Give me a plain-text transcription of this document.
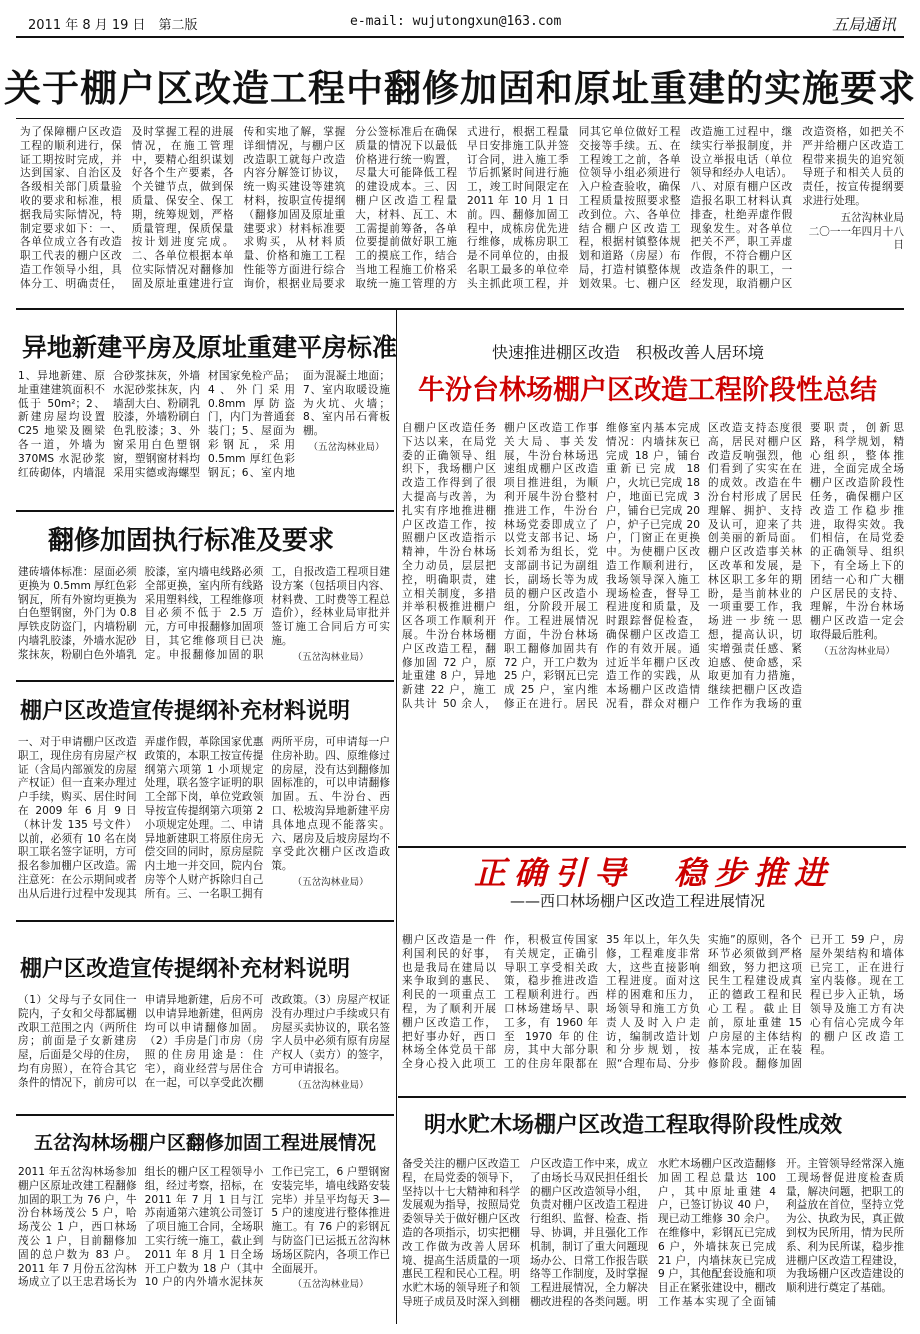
2011 年 8 月 19 日　第二版	e-mail: wujutongxun@163.com	五局通讯
关于棚户区改造工程中翻修加固和原址重建的实施要求
为了保障棚户区改造工程的顺利进行，保证工期按时完成，并达到国家、自治区及各级相关部门质量验收的要求和标准，根据我局实际情况，特制定要求如下：一、各单位成立各有改造职工代表的棚户区改造工作领导小组，具体分工、明确责任，及时掌握工程的进展情况，在施工管理中，要精心组织谋划好各个生产要素，各个关键节点，做到保质量、保安全、保工期，统筹规划，严格质量管理，保质保量按计划进度完成。二、各单位根据本单位实际情况对翻修加固及原址重建进行宣传和实地了解，掌握详细情况，与棚户区改造职工就每户改造内容分解签订协议，统一购买建设等建筑材料，按职宣传提纲（翻修加固及原址重建要求）材料标准要求购买，从材料质量、价格和施工工程性能等方面进行综合询价，根据业局要求分公签标准后在确保质量的情况下以最低价格进行统一购置，尽量大可能降低工程的建设成本。三、因棚户区改造工程量大，材料、瓦工、木工需提前筹备，各单位要提前做好职工施工的摸底工作，结合当地工程施工价格采取统一施工管理的方式进行，根据工程量早日安排施工队并签订合同，进入施工季节后抓紧时间进行施工，竣工时间限定在 2011 年 10 月 1 日前。四、翻修加固工程中，成栋房优先进行维修，成栋房职工是不同单位的，由报名职工最多的单位牵头主抓此项工程，并同其它单位做好工程交接等手续。五、在工程竣工之前，各单位领导小组必须进行入户检查验收，确保工程质量按照要求整改到位。六、各单位结合棚户区改造工程，根据村镇整体规划和道路（房屋）布局，打造村镇整体规划效果。七、棚户区改造施工过程中，继续实行举报制度，并设立举报电话（单位领导和经办人电话）。八、对原有棚户区改造报名职工材料认真排查，杜绝弄虚作假现象发生。对各单位把关不严，职工弄虚作假，不符合棚户区改造条件的职工，一经发现，取消棚户区改造资格，如把关不严并给棚户区改造工程带来损失的追究领导班子和相关人员的责任，按宣传提纲要求进行处理。
五岔沟林业局
二〇一一年四月十八日
异地新建平房及原址重建平房标准
1、异地新建、原址重建建筑面积不低于 50m²；2、新建房屋均设置 C25 地梁及圈梁各一道，外墙为 370MS 水泥砂浆红砖砌体，内墙混合砂浆抹灰，外墙水泥砂浆抹灰，内墙刮大白、粉刷乳胶漆，外墙粉刷白色乳胶漆；3、外窗采用白色塑钢窗，塑钢窗材料均采用实德或海螺型材国家免检产品；4、外门采用 0.8mm 厚防盗门，内门为普通套装门；5、屋面为彩钢瓦，采用 0.5mm 厚红色彩钢瓦；6、室内地面为混凝土地面；7、室内取暖设施为火坑、火墙；8、室内吊石膏板棚。
（五岔沟林业局）
翻修加固执行标准及要求
建砖墙体标准：屋面必须更换为 0.5mm 厚红色彩钢瓦，所有外窗均更换为白色塑钢窗，外门为 0.8 厚铁皮防盗门，内墙粉刷内墙乳胶漆，外墙水泥砂浆抹灰，粉刷白色外墙乳胶漆，室内墙电线路必须全部更换，室内所有线路采用塑料线，工程维修项目必须不低于 2.5 万元，方可申报翻修加固项目，其它维修项目已决定。申报翻修加固的职工，自报改造工程项目建设方案（包括项目内容、材料费、工时费等工程总造价），经林业局审批并签订施工合同后方可实施。
（五岔沟林业局）
棚户区改造宣传提纲补充材料说明
一、对于申请棚户区改造职工，现住房有房屋产权证（含局内部颁发的房屋产权证）但一直来办理过户手续，购买、居住时间在 2009 年 6 月 9 日（林计发 135 号文件）以前，必须有 10 名在岗职工联名签字证明，方可报名参加棚户区改造。需注意死：在公示期间或者出从后进行过程中发现其弄虚作假，革除国家优惠政策的，本职工按宣传提纲第六项第 1 小项规定处理，联名签字证明的职工全部下岗，单位党政领导按宣传提纲第六项第 2 小项规定处理。二、申请异地新建职工将原住房无偿交回的同时，原房屋院内土地一并交回，院内台房等个人财产拆除归自己所有。三、一名职工拥有两所平房，可申请每一户住房补助。四、原维修过的房屋，没有达到翻修加固标准的，可以申请翻修加固。五、牛汾台、西口、松坡沟异地新建平房具体地点现不能落实。六、屠房及后坡房屋均不享受此次棚户区改造政策。
（五岔沟林业局）
棚户区改造宣传提纲补充材料说明
（1）父母与子女同住一院内，子女和父母都属棚改职工范围之内（两所住房；前面是子女新建房屋，后面是父母的住房，均有房照），在符合其它条件的情况下，前房可以申请异地新建，后房不可以申请异地新建，但两房均可以申请翻修加固。（2）手房是门市房（房照的住房用途是：住宅），商业经营与居住合在一起，可以享受此次棚改政策。（3）房屋产权证没有办理过户手续或只有房屋买卖协议的，联名签字人员中必须有原有房屋产权人（卖方）的签字，方可申请报名。
（五岔沟林业局）
五岔沟林场棚户区翻修加固工程进展情况
2011 年五岔沟林场参加棚户区原址改建工程翻修加固的职工为 76 户，牛汾台林场茂公 5 户，哈场茂公 1 户，西口林场茂公 1 户，目前翻修加固的总户数为 83 户。2011 年 7 月份五岔沟林场成立了以王忠君场长为组长的棚户区工程领导小组，经过考察，招标，在 2011 年 7 月 1 日与江苏南通第六建筑公司签订了项目施工合同，全场职工实行统一施工，截止到 2011 年 8 月 1 日全场开工户数为 18 户（其中 10 户的内外墙水泥抹灰工作已完工，6 户塑钢窗安装完毕，墙电线路安装完毕）并呈平均每天 3—5 户的速度进行整体推进施工。有 76 户的彩钢瓦与防盗门已运抵五岔沟林场场区院内，各项工作已全面展开。
（五岔沟林业局）
快速推进棚区改造　积极改善人居环境
牛汾台林场棚户区改造工程阶段性总结
自棚户区改造任务下达以来，在局党委的正确领导、组织下，我场棚户区改造工作得到了很大提高与改善，为扎实有序地推进棚户区改造工作，按照棚户区改造指示精神，牛汾台林场全力动员，层层把控，明确职责，建立相关制度，多措并举积极推进棚户区各项工作顺利开展。牛汾台林场棚户区改造工程，翻修加固 72 户，原址重建 8 户，异地新建 22 户，施工队共计 50 余人，棚户区改造工作事关大局、事关发展，牛汾台林场迅速组成棚户区改造项目推进组，为顺利开展牛汾台整村推进工作，牛汾台林场党委即成立了以党支部书记、场长刘希为组长，党支部副书记为副组长，副场长等为成员的棚户区改造小组，分阶段开展工作。工程进展情况方面，牛汾台林场职工翻修加固共有 72 户，开工户数为 25 户，彩钢瓦已完成 25 户，室内维修正在进行。居民维修室内基本完成情况：内墙抹灰已完成 18 户，铺台重新已完成 18 户，火坑已完成 18 户，地面已完成 3 户，铺台已完成 20 户，炉子已完成 20 户，门窗正在更换中。为使棚户区改造工作顺利进行，我场领导深入施工现场检查，督导工程进度和质量，及时跟踪督促检查，确保棚户区改造工作的有效开展。通过近半年棚户区改造工作的实践，从本场棚户区改造情况看，群众对棚户区改造支持态度很高，居民对棚户区改造反响强烈，他们看到了实实在在的成效。改造在牛汾台村形成了居民理解、拥护、支持及认可，迎来了共创美丽的新局面。棚户区改造事关林区改革和发展，是林区职工多年的期盼，是当前林业的一项重要工作，我场进一步统一思想，提高认识，切实增强责任感、紧迫感、使命感，采取更加有力措施，继续把棚户区改造工作作为我场的重要职责，创新思路，科学规划，精心组织，整体推进，全面完成全场棚户区改造阶段性任务，确保棚户区改造工作稳步推进，取得实效。我们相信，在局党委的正确领导、组织下，有全场上下的团结一心和广大棚户区居民的支持、理解，牛汾台林场棚户区改造一定会取得最后胜利。
（五岔沟林业局）
正确引导　稳步推进
——西口林场棚户区改造工程进展情况
棚户区改造是一件利国利民的好事，也是我局在建局以来争取到的惠民、利民的一项重点工程，为了顺利开展棚户区改造工作，把好事办好，西口林场全体党员干部全身心投入此项工作，积极宣传国家有关规定，正确引导职工享受相关政策，稳步推进改造工程顺利进行。西口林场建场早、职工多，有 1960 年至 1970 年的住房，其中大部分职工的住房年限都在 35 年以上，年久失修，工程难度非常大，这些直接影响工程进度。面对这样的困难和压力，场领导和施工方负责人及时入户走访，编制改造计划和分步规划，按照“合理布局、分步实施”的原则，各个环节必须做到严格细致，努力把这项民生工程建设成真正的德政工程和民心工程。截止目前，原址重建 15 户房屋的主体结构基本完成，正在装修阶段。翻修加固已开工 59 户，房屋外架结构和墙体已完工，正在进行室内装修。现在工程已步入正轨，场领导及施工方有决心有信心完成今年的棚户区改造工程。
明水贮木场棚户区改造工程取得阶段性成效
备受关注的棚户区改造工程，在局党委的领导下，坚持以十七大精神和科学发展观为指导，按照局党委领导关于做好棚户区改造的各项指示，切实把棚改工作做为改善人居环境、提高生活质量的一项惠民工程和民心工程。明水贮木场的领导班子和领导班子成员及时深入到棚户区改造工作中来，成立了由场长马双民担任组长的棚户区改造领导小组，负责对棚户区改造工程进行组织、监督、检查、指导、协调，并且强化工作机制，制订了重大问题现场办公、日常工作报告联络等工作制度，及时掌握工程进展情况，全力解决棚改进程的各类问题。明水贮木场棚户区改造翻修加固工程总量达 100 户，其中原址重建 4 户，已签订协议 40 户，现已动工维修 30 余户。在维修中，彩钢瓦已完成 6 户，外墙抹灰已完成 21 户，内墙抹灰已完成 9 户，其他配套设施和项目正在紧张建设中，棚改工作基本实现了全面铺开。主管领导经常深入施工现场督促进度检查质量，解决问题，把职工的利益放在首位，坚持立党为公、执政为民，真正做到权为民所用，情为民所系、利为民所谋，稳步推进棚户区改造工程建设，为我场棚户区改造建设的顺利进行奠定了基础。
